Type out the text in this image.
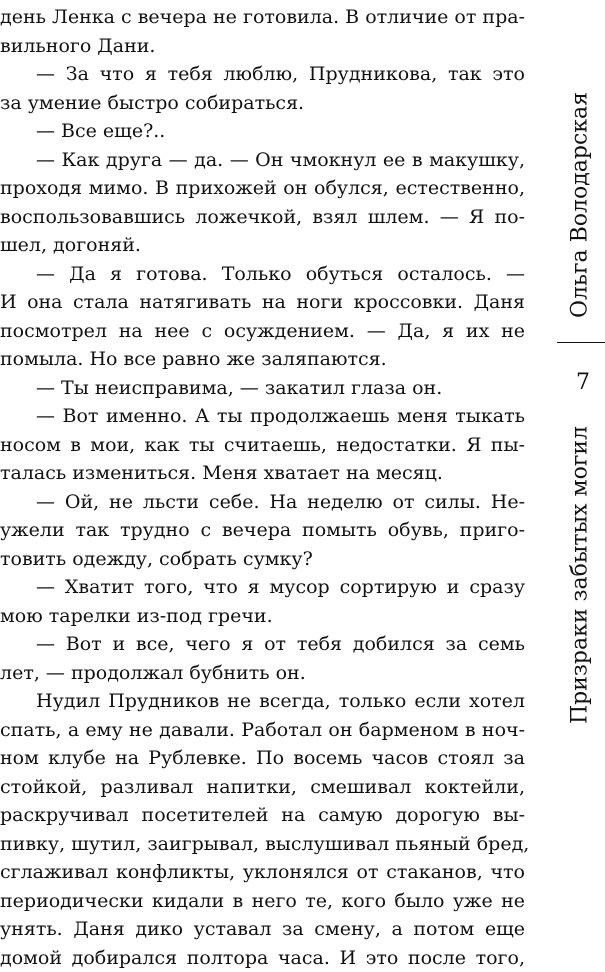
день Ленка с вечера не готовила. В отличие от пра-
вильного Дани.
— За что я тебя люблю, Прудникова, так это
за умение быстро собираться.
— Все еще?..
— Как друга — да. — Он чмокнул ее в макушку,
проходя мимо. В прихожей он обулся, естественно,
воспользовавшись ложечкой, взял шлем. — Я по-
шел, догоняй.
— Да я готова. Только обуться осталось. —
И она стала натягивать на ноги кроссовки. Даня
посмотрел на нее с осуждением. — Да, я их не
помыла. Но все равно же заляпаются.
— Ты неисправима, — закатил глаза он.
— Вот именно. А ты продолжаешь меня тыкать
носом в мои, как ты считаешь, недостатки. Я пы-
талась измениться. Меня хватает на месяц.
— Ой, не льсти себе. На неделю от силы. Не-
ужели так трудно с вечера помыть обувь, приго-
товить одежду, собрать сумку?
— Хватит того, что я мусор сортирую и сразу
мою тарелки из-под гречи.
— Вот и все, чего я от тебя добился за семь
лет, — продолжал бубнить он.
Нудил Прудников не всегда, только если хотел
спать, а ему не давали. Работал он барменом в ноч-
ном клубе на Рублевке. По восемь часов стоял за
стойкой, разливал напитки, смешивал коктейли,
раскручивал посетителей на самую дорогую вы-
пивку, шутил, заигрывал, выслушивал пьяный бред,
сглаживал конфликты, уклонялся от стаканов, что
периодически кидали в него те, кого было уже не
унять. Даня дико уставал за смену, а потом еще
домой добирался полтора часа. И это после того,
Ольга Володарская
7
Призраки забытых могил
